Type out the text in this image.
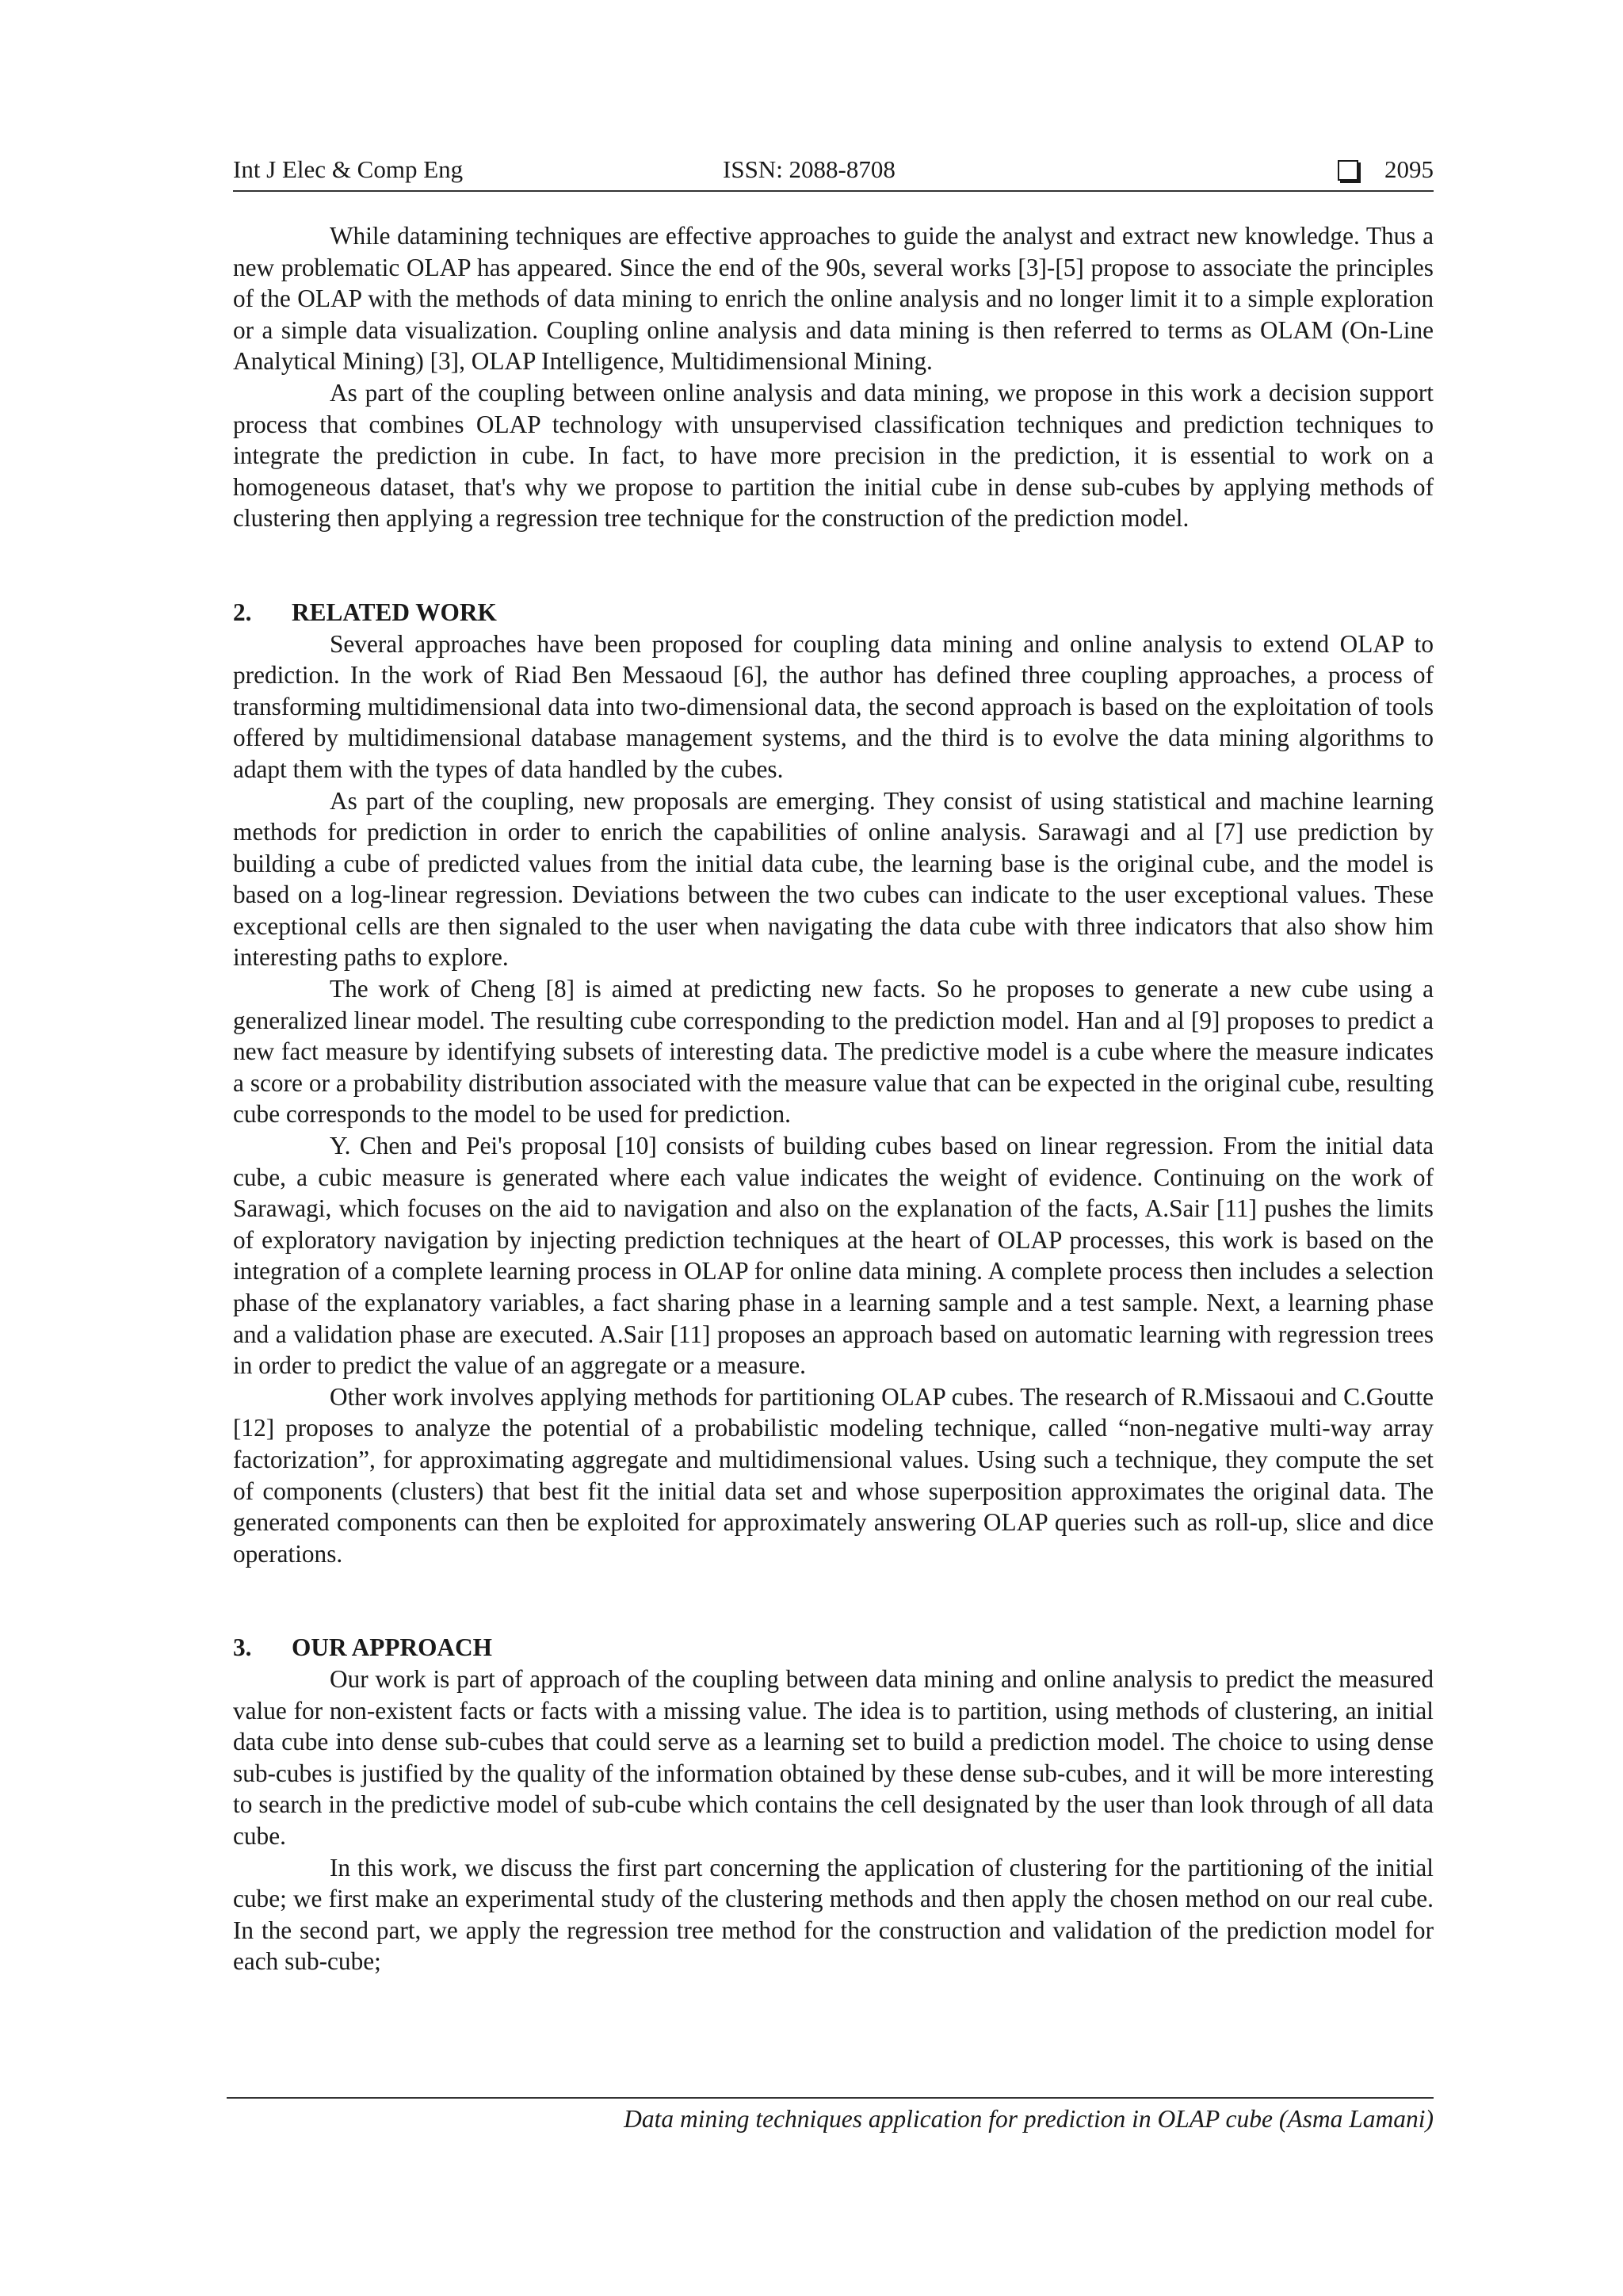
Int J Elec & Comp Eng	ISSN: 2088-8708	2095

While datamining techniques are effective approaches to guide the analyst and extract new knowledge. Thus a new problematic OLAP has appeared. Since the end of the 90s, several works [3]-[5] propose to associate the principles of the OLAP with the methods of data mining to enrich the online analysis and no longer limit it to a simple exploration or a simple data visualization. Coupling online analysis and data mining is then referred to terms as OLAM (On-Line Analytical Mining) [3], OLAP Intelligence, Multidimensional Mining.

As part of the coupling between online analysis and data mining, we propose in this work a decision support process that combines OLAP technology with unsupervised classification techniques and prediction techniques to integrate the prediction in cube. In fact, to have more precision in the prediction, it is essential to work on a homogeneous dataset, that's why we propose to partition the initial cube in dense sub-cubes by applying methods of clustering then applying a regression tree technique for the construction of the prediction model.

2. RELATED WORK

Several approaches have been proposed for coupling data mining and online analysis to extend OLAP to prediction. In the work of Riad Ben Messaoud [6], the author has defined three coupling approaches, a process of transforming multidimensional data into two-dimensional data, the second approach is based on the exploitation of tools offered by multidimensional database management systems, and the third is to evolve the data mining algorithms to adapt them with the types of data handled by the cubes.

As part of the coupling, new proposals are emerging. They consist of using statistical and machine learning methods for prediction in order to enrich the capabilities of online analysis. Sarawagi and al [7] use prediction by building a cube of predicted values from the initial data cube, the learning base is the original cube, and the model is based on a log-linear regression. Deviations between the two cubes can indicate to the user exceptional values. These exceptional cells are then signaled to the user when navigating the data cube with three indicators that also show him interesting paths to explore.

The work of Cheng [8] is aimed at predicting new facts. So he proposes to generate a new cube using a generalized linear model. The resulting cube corresponding to the prediction model. Han and al [9] proposes to predict a new fact measure by identifying subsets of interesting data. The predictive model is a cube where the measure indicates a score or a probability distribution associated with the measure value that can be expected in the original cube, resulting cube corresponds to the model to be used for prediction.

Y. Chen and Pei's proposal [10] consists of building cubes based on linear regression. From the initial data cube, a cubic measure is generated where each value indicates the weight of evidence. Continuing on the work of Sarawagi, which focuses on the aid to navigation and also on the explanation of the facts, A.Sair [11] pushes the limits of exploratory navigation by injecting prediction techniques at the heart of OLAP processes, this work is based on the integration of a complete learning process in OLAP for online data mining. A complete process then includes a selection phase of the explanatory variables, a fact sharing phase in a learning sample and a test sample. Next, a learning phase and a validation phase are executed. A.Sair [11] proposes an approach based on automatic learning with regression trees in order to predict the value of an aggregate or a measure.

Other work involves applying methods for partitioning OLAP cubes. The research of R.Missaoui and C.Goutte [12] proposes to analyze the potential of a probabilistic modeling technique, called “non-negative multi-way array factorization”, for approximating aggregate and multidimensional values. Using such a technique, they compute the set of components (clusters) that best fit the initial data set and whose superposition approximates the original data. The generated components can then be exploited for approximately answering OLAP queries such as roll-up, slice and dice operations.

3. OUR APPROACH

Our work is part of approach of the coupling between data mining and online analysis to predict the measured value for non-existent facts or facts with a missing value. The idea is to partition, using methods of clustering, an initial data cube into dense sub-cubes that could serve as a learning set to build a prediction model. The choice to using dense sub-cubes is justified by the quality of the information obtained by these dense sub-cubes, and it will be more interesting to search in the predictive model of sub-cube which contains the cell designated by the user than look through of all data cube.

In this work, we discuss the first part concerning the application of clustering for the partitioning of the initial cube; we first make an experimental study of the clustering methods and then apply the chosen method on our real cube. In the second part, we apply the regression tree method for the construction and validation of the prediction model for each sub-cube;

Data mining techniques application for prediction in OLAP cube (Asma Lamani)
